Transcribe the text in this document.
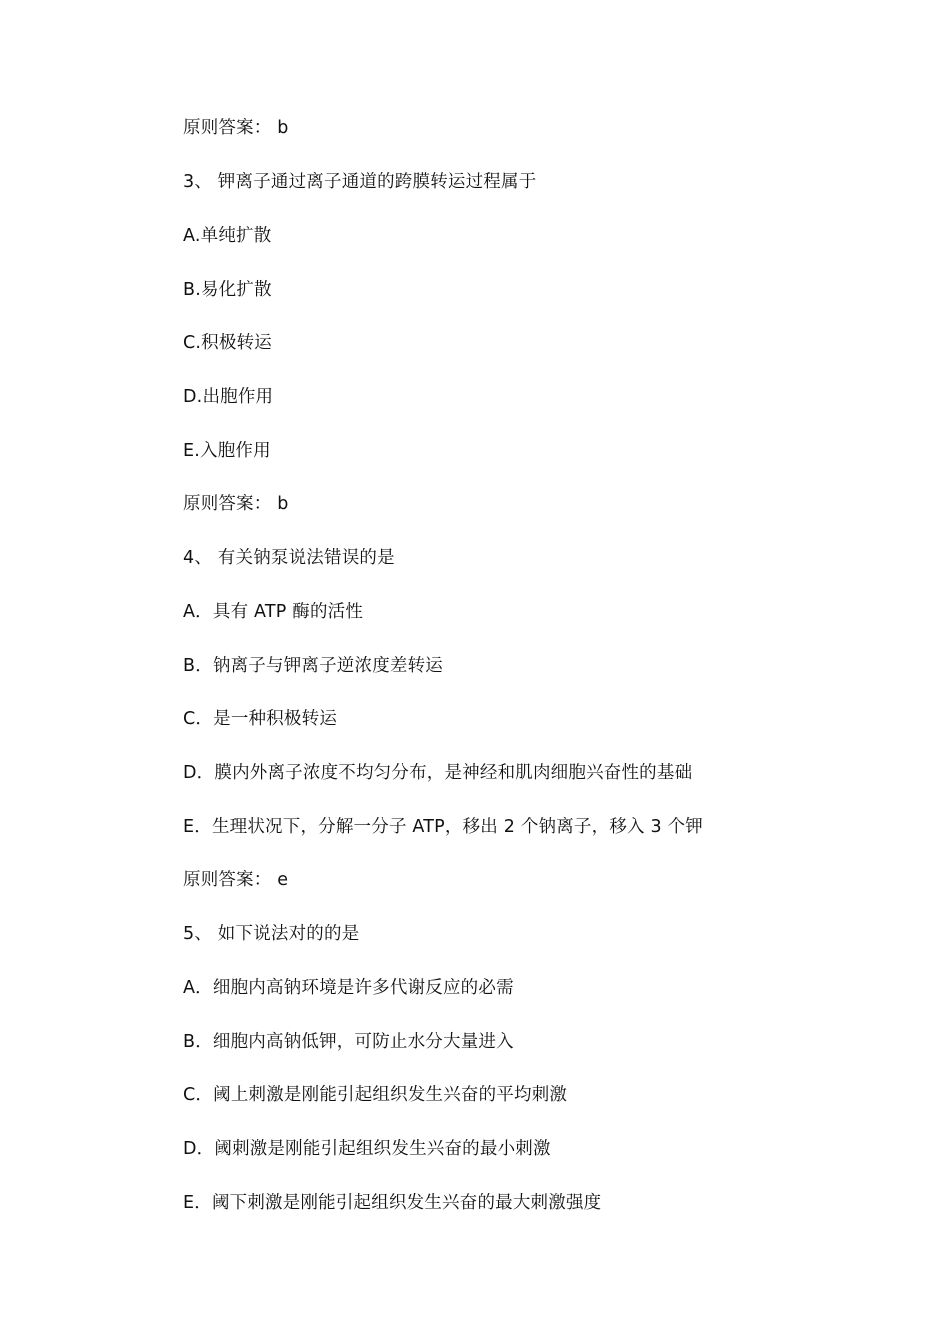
原则答案： b
3、 钾离子通过离子通道的跨膜转运过程属于
A.单纯扩散
B.易化扩散
C.积极转运
D.出胞作用
E.入胞作用
原则答案： b
4、 有关钠泵说法错误的是
A．具有 ATP 酶的活性
B．钠离子与钾离子逆浓度差转运
C．是一种积极转运
D．膜内外离子浓度不均匀分布，是神经和肌肉细胞兴奋性的基础
E．生理状况下，分解一分子 ATP，移出 2 个钠离子，移入 3 个钾
原则答案： e
5、 如下说法对的的是
A．细胞内高钠环境是许多代谢反应的必需
B．细胞内高钠低钾，可防止水分大量进入
C．阈上刺激是刚能引起组织发生兴奋的平均刺激
D．阈刺激是刚能引起组织发生兴奋的最小刺激
E．阈下刺激是刚能引起组织发生兴奋的最大刺激强度
